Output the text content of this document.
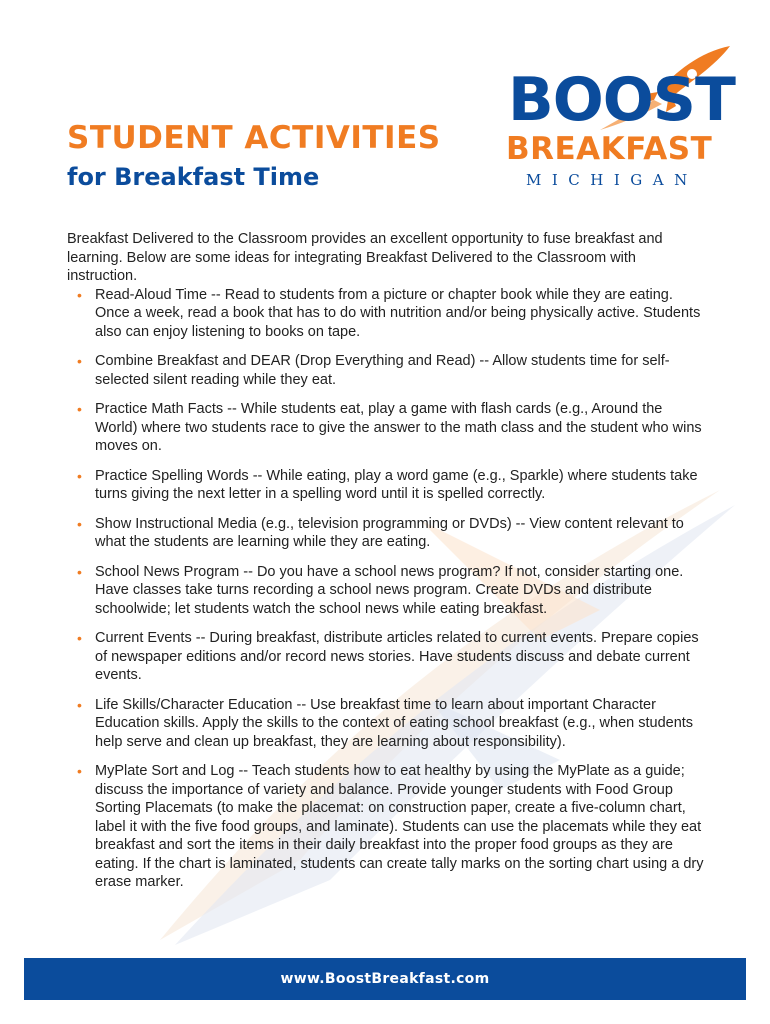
STUDENT ACTIVITIES
for Breakfast Time
BOOST
BREAKFAST
MICHIGAN

Breakfast Delivered to the Classroom provides an excellent opportunity to fuse breakfast and learning. Below are some ideas for integrating Breakfast Delivered to the Classroom with instruction.

• Read-Aloud Time -- Read to students from a picture or chapter book while they are eating. Once a week, read a book that has to do with nutrition and/or being physically active. Students also can enjoy listening to books on tape.
• Combine Breakfast and DEAR (Drop Everything and Read) -- Allow students time for self-selected silent reading while they eat.
• Practice Math Facts -- While students eat, play a game with flash cards (e.g., Around the World) where two students race to give the answer to the math class and the student who wins moves on.
• Practice Spelling Words -- While eating, play a word game (e.g., Sparkle) where students take turns giving the next letter in a spelling word until it is spelled correctly.
• Show Instructional Media (e.g., television programming or DVDs) -- View content relevant to what the students are learning while they are eating.
• School News Program -- Do you have a school news program? If not, consider starting one. Have classes take turns recording a school news program. Create DVDs and distribute schoolwide; let students watch the school news while eating breakfast.
• Current Events -- During breakfast, distribute articles related to current events. Prepare copies of newspaper editions and/or record news stories. Have students discuss and debate current events.
• Life Skills/Character Education -- Use breakfast time to learn about important Character Education skills. Apply the skills to the context of eating school breakfast (e.g., when students help serve and clean up breakfast, they are learning about responsibility).
• MyPlate Sort and Log -- Teach students how to eat healthy by using the MyPlate as a guide; discuss the importance of variety and balance. Provide younger students with Food Group Sorting Placemats (to make the placemat: on construction paper, create a five-column chart, label it with the five food groups, and laminate). Students can use the placemats while they eat breakfast and sort the items in their daily breakfast into the proper food groups as they are eating. If the chart is laminated, students can create tally marks on the sorting chart using a dry erase marker.
www.BoostBreakfast.com
